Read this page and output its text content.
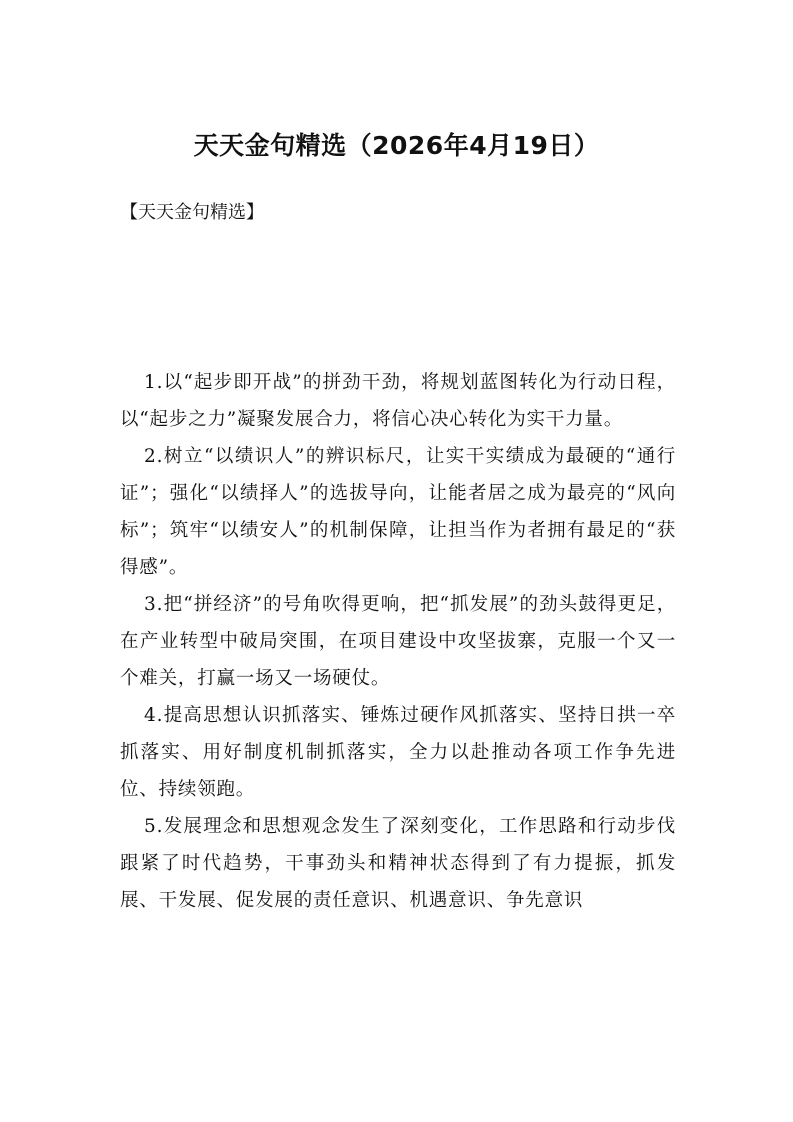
天天金句精选（2026年4月19日）

【天天金句精选】

1.以“起步即开战”的拼劲干劲，将规划蓝图转化为行动日程，以“起步之力”凝聚发展合力，将信心决心转化为实干力量。

2.树立“以绩识人”的辨识标尺，让实干实绩成为最硬的“通行证”；强化“以绩择人”的选拔导向，让能者居之成为最亮的“风向标”；筑牢“以绩安人”的机制保障，让担当作为者拥有最足的“获得感”。

3.把“拼经济”的号角吹得更响，把“抓发展”的劲头鼓得更足，在产业转型中破局突围，在项目建设中攻坚拔寨，克服一个又一个难关，打赢一场又一场硬仗。

4.提高思想认识抓落实、锤炼过硬作风抓落实、坚持日拱一卒抓落实、用好制度机制抓落实，全力以赴推动各项工作争先进位、持续领跑。

5.发展理念和思想观念发生了深刻变化，工作思路和行动步伐跟紧了时代趋势，干事劲头和精神状态得到了有力提振，抓发展、干发展、促发展的责任意识、机遇意识、争先意识
